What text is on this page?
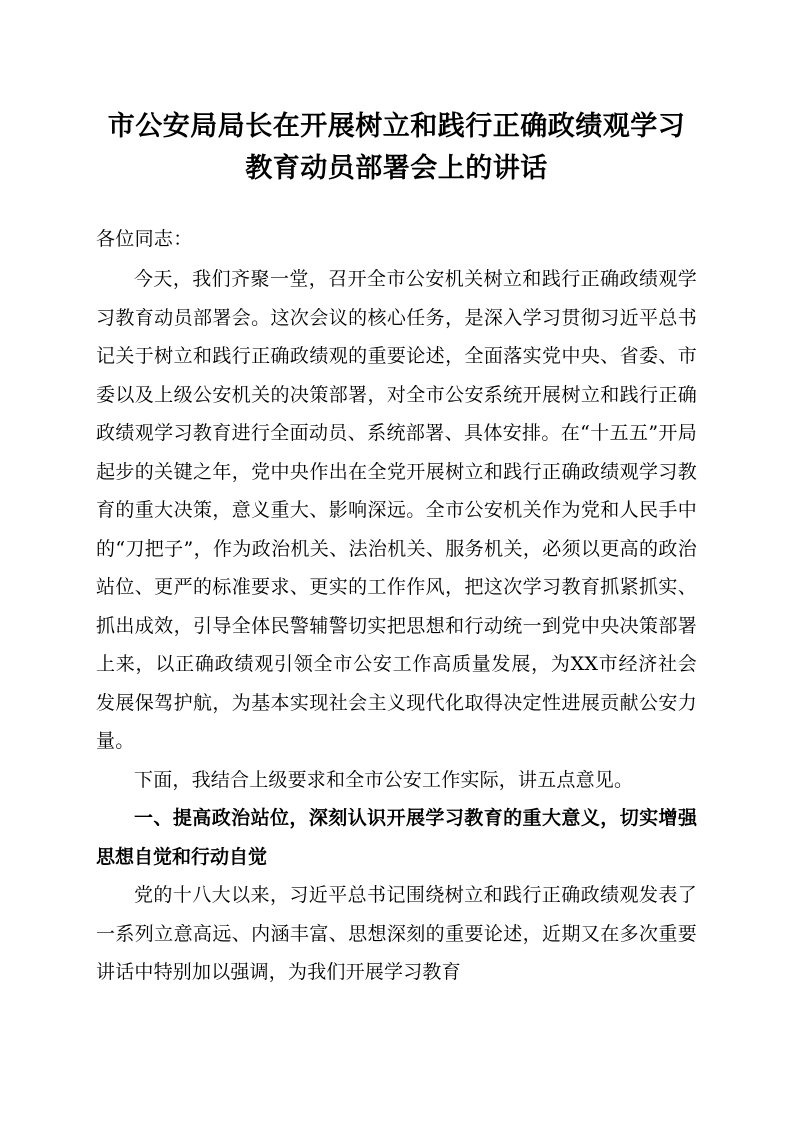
市公安局局长在开展树立和践行正确政绩观学习教育动员部署会上的讲话

各位同志：

今天，我们齐聚一堂，召开全市公安机关树立和践行正确政绩观学习教育动员部署会。这次会议的核心任务，是深入学习贯彻习近平总书记关于树立和践行正确政绩观的重要论述，全面落实党中央、省委、市委以及上级公安机关的决策部署，对全市公安系统开展树立和践行正确政绩观学习教育进行全面动员、系统部署、具体安排。在“十五五”开局起步的关键之年，党中央作出在全党开展树立和践行正确政绩观学习教育的重大决策，意义重大、影响深远。全市公安机关作为党和人民手中的“刀把子”，作为政治机关、法治机关、服务机关，必须以更高的政治站位、更严的标准要求、更实的工作作风，把这次学习教育抓紧抓实、抓出成效，引导全体民警辅警切实把思想和行动统一到党中央决策部署上来，以正确政绩观引领全市公安工作高质量发展，为XX市经济社会发展保驾护航，为基本实现社会主义现代化取得决定性进展贡献公安力量。

下面，我结合上级要求和全市公安工作实际，讲五点意见。

一、提高政治站位，深刻认识开展学习教育的重大意义，切实增强思想自觉和行动自觉

党的十八大以来，习近平总书记围绕树立和践行正确政绩观发表了一系列立意高远、内涵丰富、思想深刻的重要论述，近期又在多次重要讲话中特别加以强调，为我们开展学习教育
